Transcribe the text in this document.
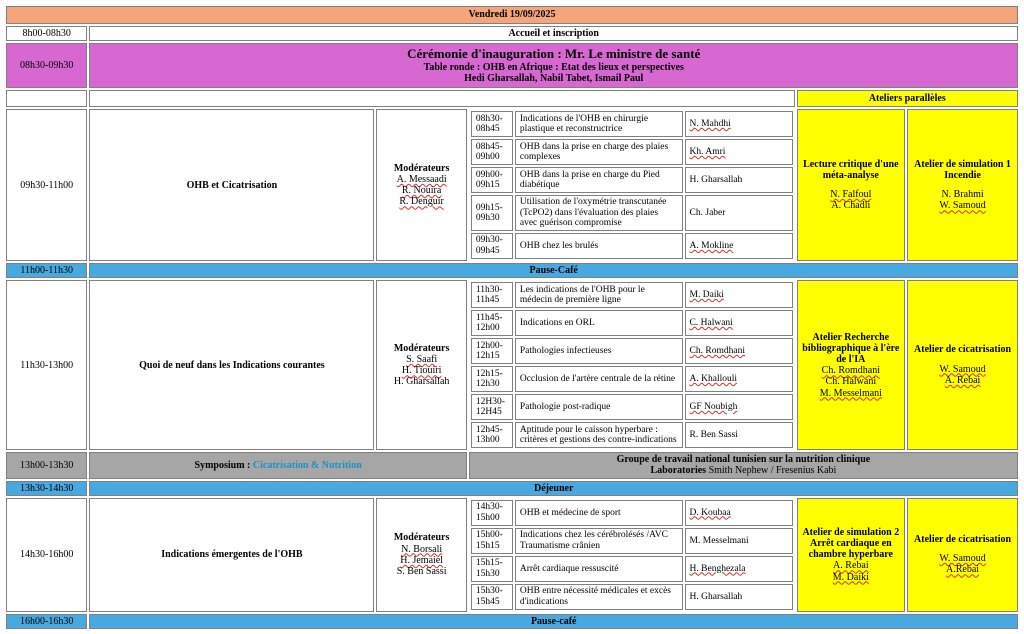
Vendredi 19/09/2025
8h00-08h30	Accueil et inscription
08h30-09h30	
Cérémonie d'inauguration : Mr. Le ministre de santé
Table ronde : OHB en Afrique : Etat des lieux et perspectives
Hedi Gharsallah, Nabil Tabet, Ismail Paul

		Ateliers parallèles
09h30-11h00	OHB et Cicatrisation	
Modérateurs
A. Messaadi
R. Nouira
R. Denguir

08h30-08h45	Indications de l'OHB en chirurgie plastique et reconstructrice	N. Mahdhi
08h45-09h00	OHB dans la prise en charge des plaies complexes	Kh. Amri
09h00-09h15	OHB dans la prise en charge du Pied diabétique	H. Gharsallah
09h15-09h30	Utilisation de l'oxymétrie transcutanée (TcPO2) dans l'évaluation des plaies avec guérison compromise	Ch. Jaber
09h30-09h45	OHB chez les brulés	A. Mokline

Lecture critique d'une méta-analyse
N. Falfoul
A. Chadli

Atelier de simulation 1 Incendie
N. Brahmi
W. Samoud

11h00-11h30	Pause-Café
11h30-13h00	Quoi de neuf dans les Indications courantes	
Modérateurs
S. Saafi
H. Tiouiri
H. Gharsallah

11h30-11h45	Les indications de l'OHB pour le médecin de première ligne	M. Daiki
11h45-12h00	Indications en ORL	C. Halwani
12h00-12h15	Pathologies infectieuses	Ch. Romdhani
12h15-12h30	Occlusion de l'artère centrale de la rétine	A. Khallouli
12H30-12H45	Pathologie post-radique	GF Noubigh
12h45-13h00	Aptitude pour le caisson hyperbare : critères et gestions des contre-indications	R. Ben Sassi

Atelier Recherche bibliographique à l'ère de l'IA
Ch. Romdhani
Ch. Halwani
M. Messelmani

Atelier de cicatrisation
W. Samoud
A. Rebai

13h00-13h30	Symposium : Cicatrisation & Nutrition	
Groupe de travail national tunisien sur la nutrition clinique
Laboratories Smith Nephew / Fresenius Kabi

13h30-14h30	Déjeuner
14h30-16h00	Indications émergentes de l'OHB	
Modérateurs
N. Borsali
H. Jemaiel
S. Ben Sassi

14h30-15h00	OHB et médecine de sport	D. Koubaa
15h00-15h15	Indications chez les cérébrolésés /AVC Traumatisme crânien	M. Messelmani
15h15-15h30	Arrêt cardiaque ressuscité	H. Benghezala
15h30-15h45	OHB entre nécessité médicales et excès d'indications	H. Gharsallah

Atelier de simulation 2 Arrêt cardiaque en chambre hyperbare
A. Rebai
M. Daiki

Atelier de cicatrisation
W. Samoud
A.Rebai

16h00-16h30	Pause-café
